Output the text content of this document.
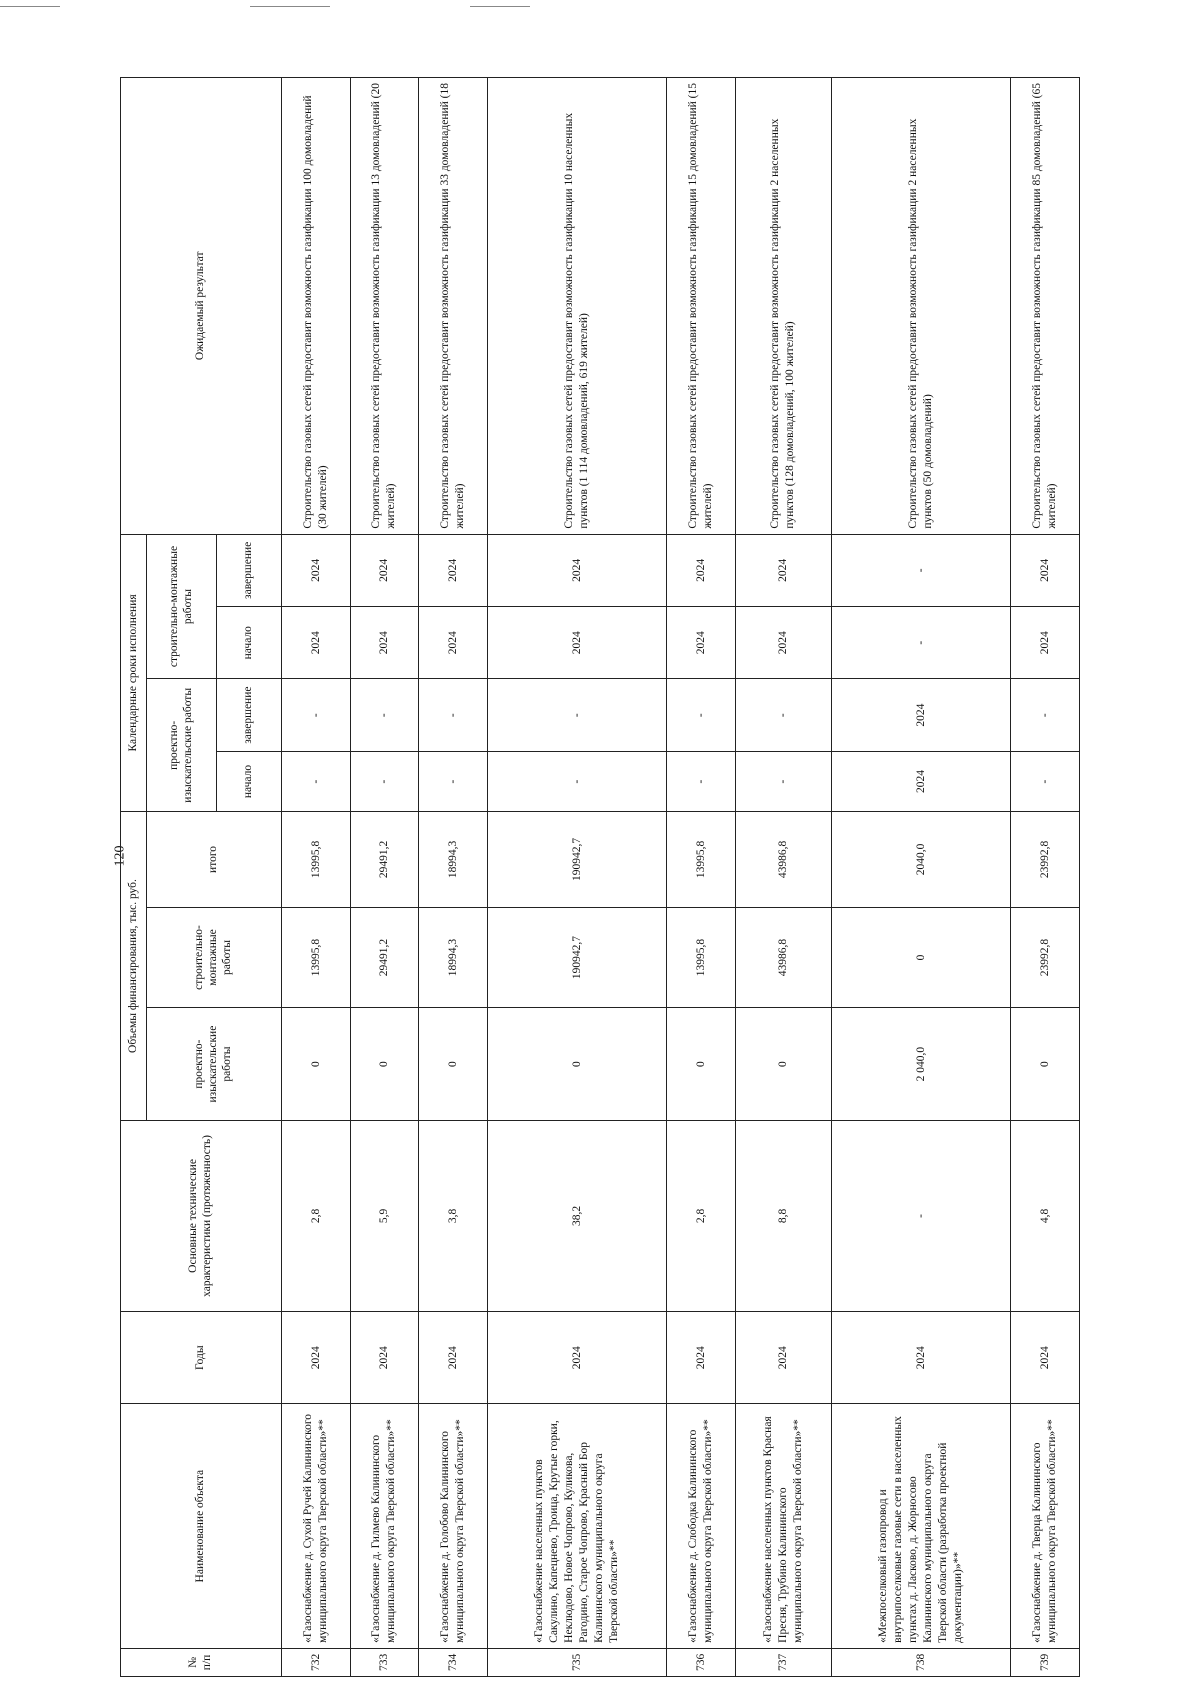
120
№ п/п	Наименование объекта	Годы	Основные технические характеристики (протяженность)	Объемы финансирования, тыс. руб.			Календарные сроки исполнения				Ожидаемый результат
				проектно-изыскательские работы	строительно-монтажные работы	итого	проектно-изыскательские работы		строительно-монтажные работы		
							начало	завершение	начало	завершение	
732	«Газоснабжение д. Сухой Ручей Калининского муниципального округа Тверской области»**	2024	2,8	0	13995,8	13995,8	-	-	2024	2024	Строительство газовых сетей предоставит возможность газификации 100 домовладений (30 жителей)
733	«Газоснабжение д. Гилмево Калининского муниципального округа Тверской области»**	2024	5,9	0	29491,2	29491,2	-	-	2024	2024	Строительство газовых сетей предоставит возможность газификации 13 домовладений (20 жителей)
734	«Газоснабжение д. Голобово Калининского муниципального округа Тверской области»**	2024	3,8	0	18994,3	18994,3	-	-	2024	2024	Строительство газовых сетей предоставит возможность газификации 33 домовладений (18 жителей)
735	«Газоснабжение населенных пунктов Сакулино, Капецнево, Троица, Крутые горки, Неклюдово, Новое Чопрово, Куликова, Рагодино, Старое Чопрово, Красный Бор Калининского муниципального округа Тверской области»**	2024	38,2	0	190942,7	190942,7	-	-	2024	2024	Строительство газовых сетей предоставит возможность газификации 10 населенных пунктов (1 114 домовладений, 619 жителей)
736	«Газоснабжение д. Слободка Калининского муниципального округа Тверской области»**	2024	2,8	0	13995,8	13995,8	-	-	2024	2024	Строительство газовых сетей предоставит возможность газификации 15 домовладений (15 жителей)
737	«Газоснабжение населенных пунктов Красная Пресня, Трубино Калининского муниципального округа Тверской области»**	2024	8,8	0	43986,8	43986,8	-	-	2024	2024	Строительство газовых сетей предоставит возможность газификации 2 населенных пунктов (128 домовладений, 100 жителей)
738	«Межпоселковый газопровод и внутрипоселковые газовые сети в населенных пунктах д. Ласково, д. Жорносово Калининского муниципального округа Тверской области (разработка проектной документации)»**	2024	-	2 040,0	0	2040,0	2024	2024	-	-	Строительство газовых сетей предоставит возможность газификации 2 населенных пунктов (50 домовладений)
739	«Газоснабжение д. Тверца Калининского муниципального округа Тверской области»**	2024	4,8	0	23992,8	23992,8	-	-	2024	2024	Строительство газовых сетей предоставит возможность газификации 85 домовладений (65 жителей)
